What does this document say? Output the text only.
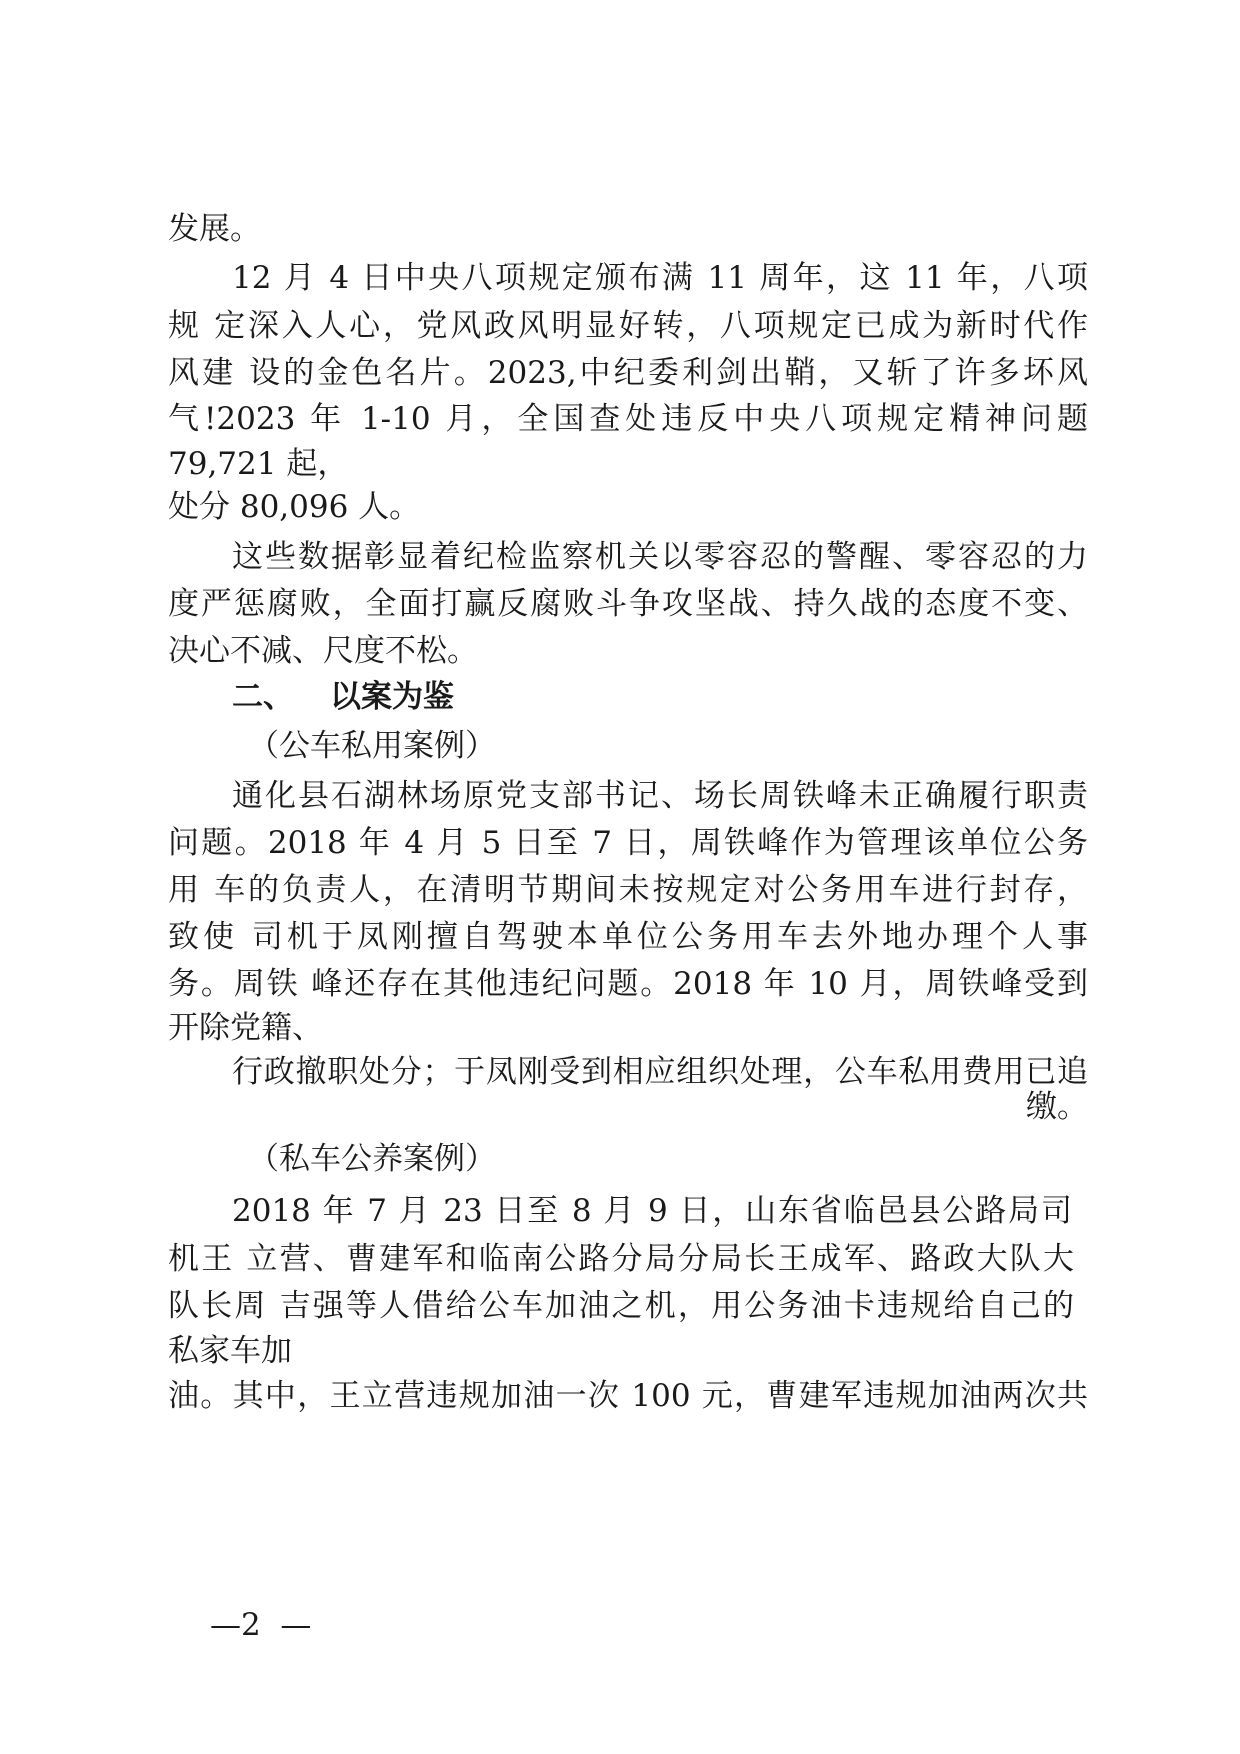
发展。
12 月 4 日中央八项规定颁布满 11 周年，这 11 年，八项
规 定深入人心，党风政风明显好转，八项规定已成为新时代作
风建 设的金色名片。2023,中纪委利剑出鞘，又斩了许多坏风
气!2023 年 1-10 月，全国查处违反中央八项规定精神问题
79,721 起，
处分 80,096 人。
这些数据彰显着纪检监察机关以零容忍的警醒、零容忍的力
度严惩腐败，全面打赢反腐败斗争攻坚战、持久战的态度不变、
决心不减、尺度不松。
二、 以案为鉴
（公车私用案例）
通化县石湖林场原党支部书记、场长周铁峰未正确履行职责
问题。2018 年 4 月 5 日至 7 日，周铁峰作为管理该单位公务
用 车的负责人，在清明节期间未按规定对公务用车进行封存，
致使 司机于凤刚擅自驾驶本单位公务用车去外地办理个人事
务。周铁 峰还存在其他违纪问题。2018 年 10 月，周铁峰受到
开除党籍、
行政撤职处分；于凤刚受到相应组织处理，公车私用费用已追
缴。
（私车公养案例）
2018 年 7 月 23 日至 8 月 9 日，山东省临邑县公路局司
机王 立营、曹建军和临南公路分局分局长王成军、路政大队大
队长周 吉强等人借给公车加油之机，用公务油卡违规给自己的
私家车加
油。其中，王立营违规加油一次 100 元，曹建军违规加油两次共
—2  —
